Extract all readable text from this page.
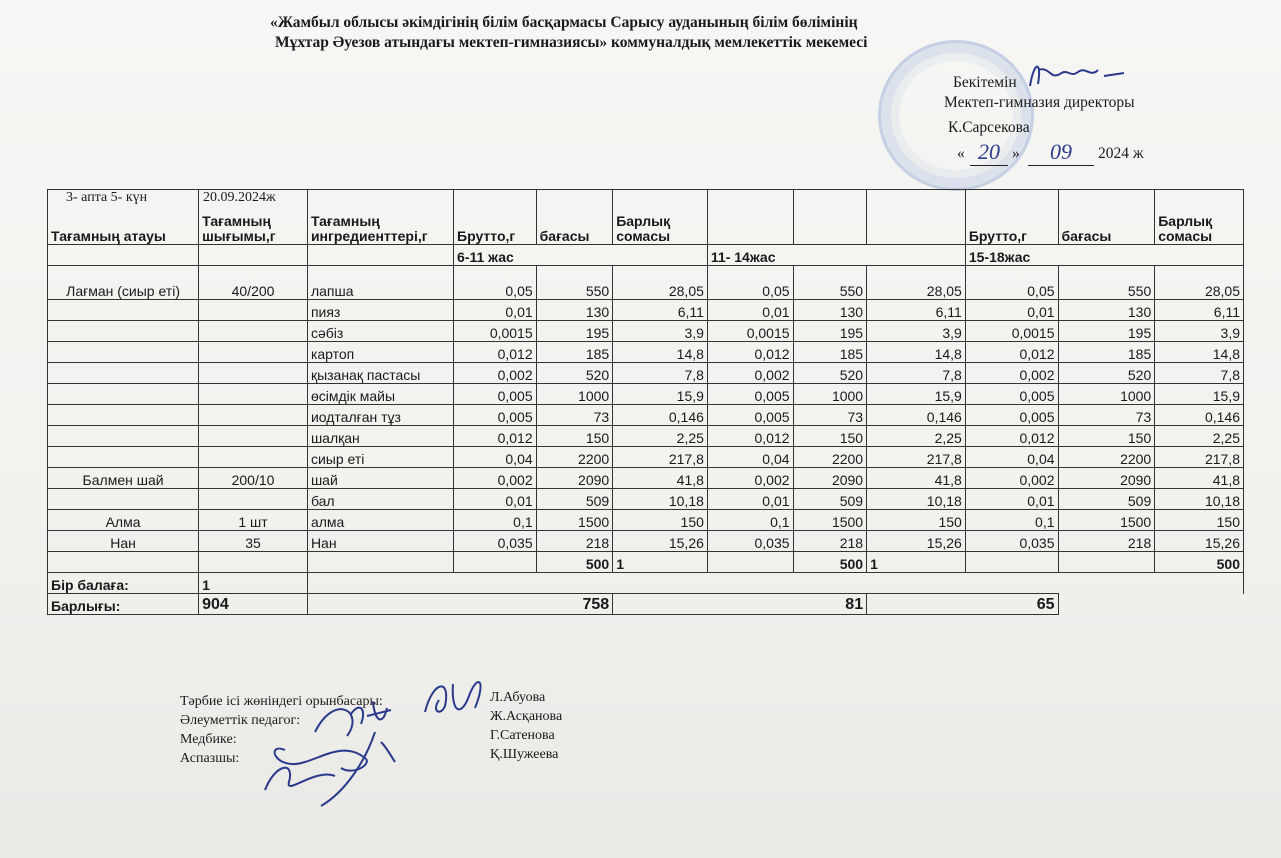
«Жамбыл облысы әкімдігінің білім басқармасы Сарысу ауданының білім бөлімінің
Мұхтар Әуезов атындағы мектеп-гимназиясы» коммуналдық мемлекеттік мекемесі
Бекітемін
Мектеп-гимназия директоры
К.Сарсекова
« 20 »	09	2024 ж
3- апта 5- күн	20.09.2024ж
Тағамның атауы	Тағамның шығымы,г	Тағамның ингредиенттері,г	Брутто,г	бағасы	Барлық сомасы				Брутто,г	бағасы	Барлық сомасы
			6-11 жас			11- 14жас			15-18жас		
Лағман (сиыр еті)	40/200	лапша	0,05	550	28,05	0,05	550	28,05	0,05	550	28,05
		пияз	0,01	130	6,11	0,01	130	6,11	0,01	130	6,11
		сәбіз	0,0015	195	3,9	0,0015	195	3,9	0,0015	195	3,9
		картоп	0,012	185	14,8	0,012	185	14,8	0,012	185	14,8
		қызанақ пастасы	0,002	520	7,8	0,002	520	7,8	0,002	520	7,8
		өсімдік майы	0,005	1000	15,9	0,005	1000	15,9	0,005	1000	15,9
		иодталған тұз	0,005	73	0,146	0,005	73	0,146	0,005	73	0,146
		шалқан	0,012	150	2,25	0,012	150	2,25	0,012	150	2,25
		сиыр еті	0,04	2200	217,8	0,04	2200	217,8	0,04	2200	217,8
Балмен шай	200/10	шай	0,002	2090	41,8	0,002	2090	41,8	0,002	2090	41,8
		бал	0,01	509	10,18	0,01	509	10,18	0,01	509	10,18
Алма	1 шт	алма	0,1	1500	150	0,1	1500	150	0,1	1500	150
Нан	35	Нан	0,035	218	15,26	0,035	218	15,26	0,035	218	15,26
				500	1		500	1			500
Бір балаға:	1										
Барлығы:	904	758			81			65			
Тәрбие ісі жөніндегі орынбасары:
Әлеуметтік педагог:
Медбике:
Аспазшы:
Л.Абуова
Ж.Асқанова
Г.Сатенова
Қ.Шужеева
